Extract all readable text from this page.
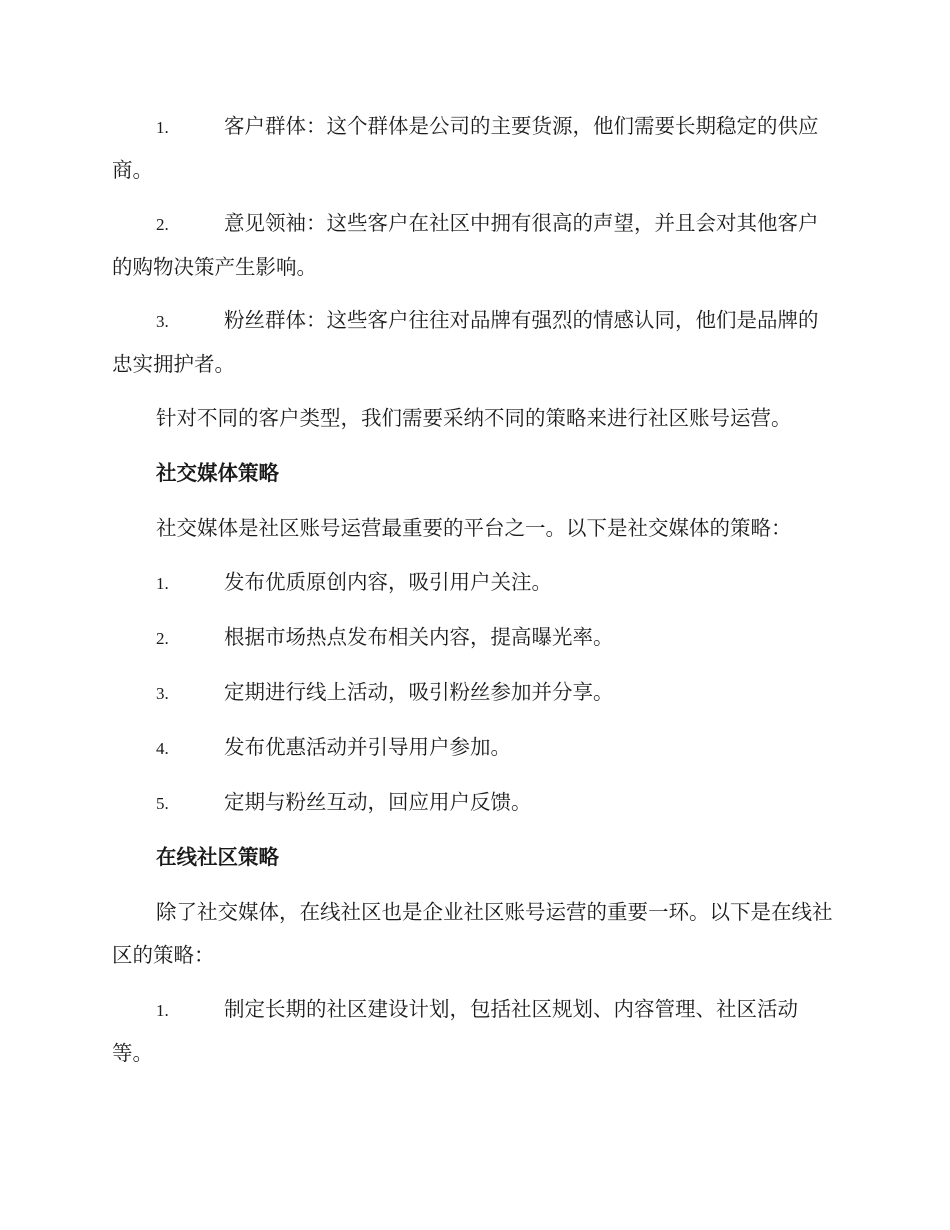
1.	客户群体：这个群体是公司的主要货源，他们需要长期稳定的供应商。

2.	意见领袖：这些客户在社区中拥有很高的声望，并且会对其他客户的购物决策产生影响。

3.	粉丝群体：这些客户往往对品牌有强烈的情感认同，他们是品牌的忠实拥护者。

针对不同的客户类型，我们需要采纳不同的策略来进行社区账号运营。

社交媒体策略

社交媒体是社区账号运营最重要的平台之一。以下是社交媒体的策略：

1.	发布优质原创内容，吸引用户关注。

2.	根据市场热点发布相关内容，提高曝光率。

3.	定期进行线上活动，吸引粉丝参加并分享。

4.	发布优惠活动并引导用户参加。

5.	定期与粉丝互动，回应用户反馈。

在线社区策略

除了社交媒体，在线社区也是企业社区账号运营的重要一环。以下是在线社区的策略：

1.	制定长期的社区建设计划，包括社区规划、内容管理、社区活动等。
